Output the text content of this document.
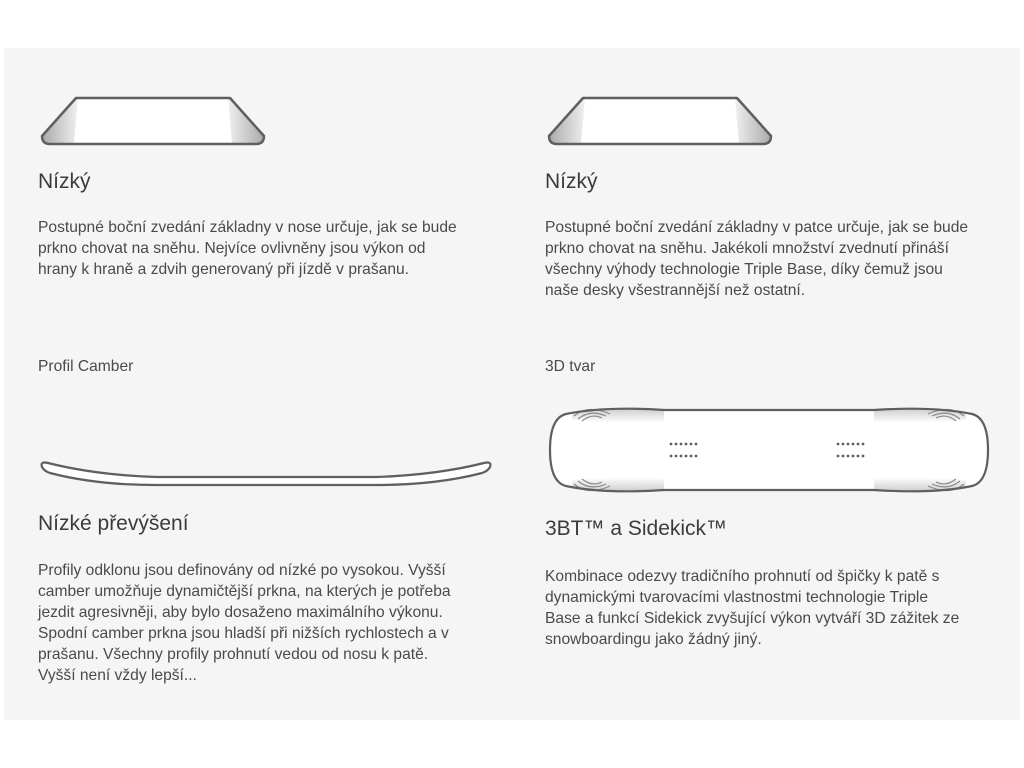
Nízký

Postupné boční zvedání základny v nose určuje, jak se bude
prkno chovat na sněhu. Nejvíce ovlivněny jsou výkon od
hrany k hraně a zdvih generovaný při jízdě v prašanu.

Nízký

Postupné boční zvedání základny v patce určuje, jak se bude
prkno chovat na sněhu. Jakékoli množství zvednutí přináší
všechny výhody technologie Triple Base, díky čemuž jsou
naše desky všestrannější než ostatní.

Profil Camber	3D tvar
Nízké převýšení

Profily odklonu jsou definovány od nízké po vysokou. Vyšší
camber umožňuje dynamičtější prkna, na kterých je potřeba
jezdit agresivněji, aby bylo dosaženo maximálního výkonu.
Spodní camber prkna jsou hladší při nižších rychlostech a v
prašanu. Všechny profily prohnutí vedou od nosu k patě.
Vyšší není vždy lepší...

3BT™ a Sidekick™

Kombinace odezvy tradičního prohnutí od špičky k patě s
dynamickými tvarovacími vlastnostmi technologie Triple
Base a funkcí Sidekick zvyšující výkon vytváří 3D zážitek ze
snowboardingu jako žádný jiný.
